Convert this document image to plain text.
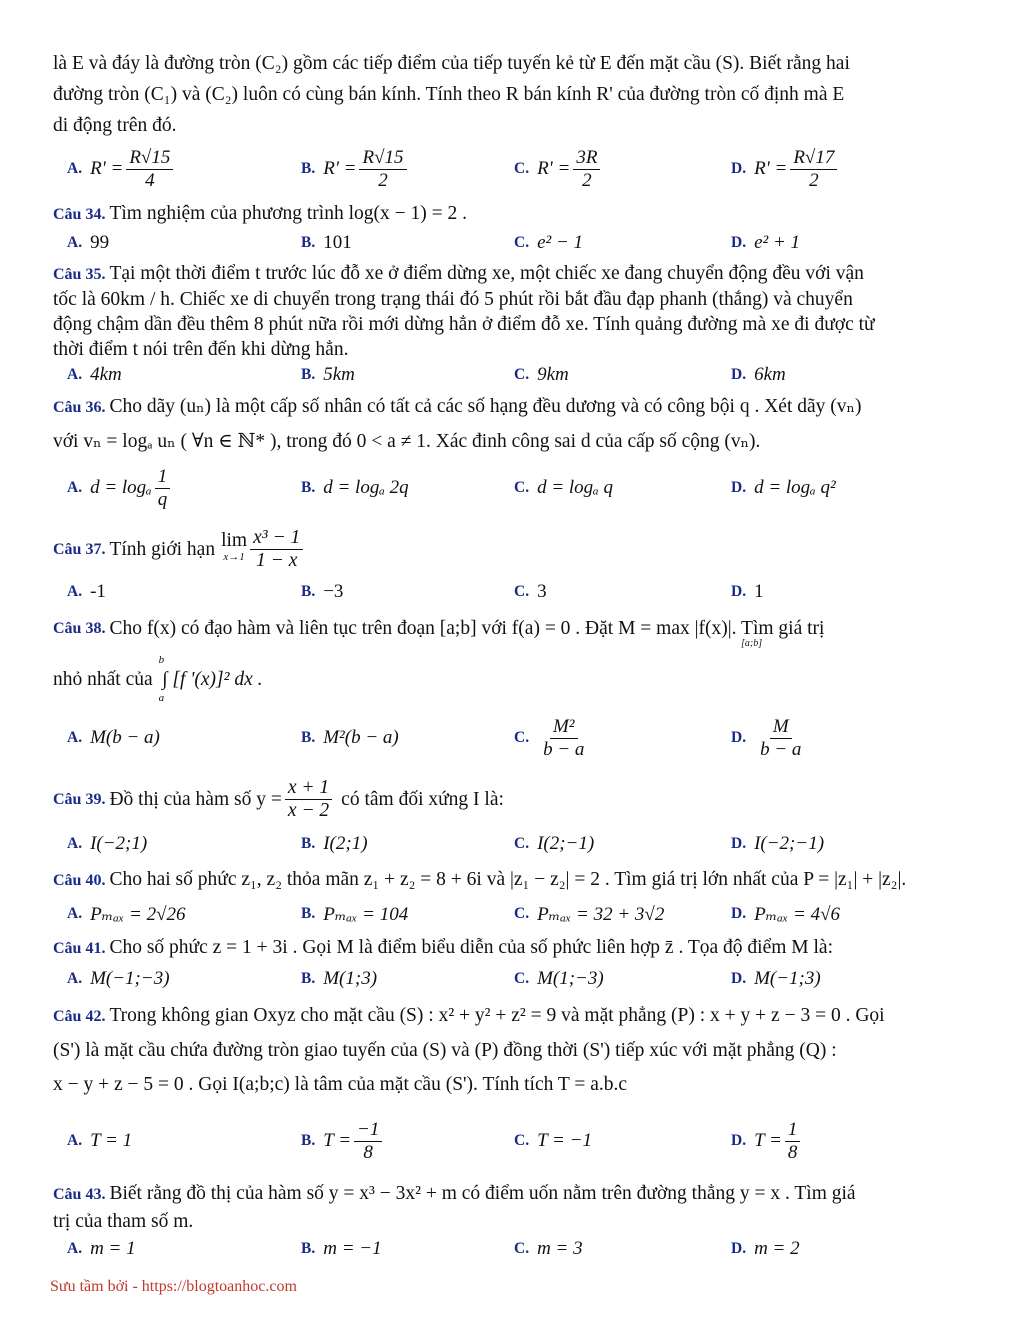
là E và đáy là đường tròn (C₂) gồm các tiếp điểm của tiếp tuyến kẻ từ E đến mặt cầu (S). Biết rằng hai

đường tròn (C₁) và (C₂) luôn có cùng bán kính. Tính theo R bán kính R' của đường tròn cố định mà E

di động trên đó.

A. $R' = \frac{R√15}{4}$	B. $R' = \frac{R√15}{2}$	C. $R' = \frac{3R}{2}$	D. $R' = \frac{R√17}{2}$
Câu 34. Tìm nghiệm của phương trình log(x − 1) = 2 .
A. 99	B. 101	C. e² − 1	D. e² + 1
Câu 35. Tại một thời điểm t trước lúc đỗ xe ở điểm dừng xe, một chiếc xe đang chuyển động đều với vận
tốc là 60km / h. Chiếc xe di chuyển trong trạng thái đó 5 phút rồi bắt đầu đạp phanh (thắng) và chuyển
động chậm dần đều thêm 8 phút nữa rồi mới dừng hẳn ở điểm đỗ xe. Tính quảng đường mà xe đi được từ
thời điểm t nói trên đến khi dừng hẳn.
A. 4km	B. 5km	C. 9km	D. 6km
Câu 36. Cho dãy (uₙ) là một cấp số nhân có tất cả các số hạng đều dương và có công bội q . Xét dãy (vₙ)
với vₙ = logₐ uₙ ( ∀n ∈ ℕ* ), trong đó 0 < a ≠ 1. Xác đinh công sai d của cấp số cộng (vₙ).
A. d = logₐ $\frac{1}{q}$	B. d = logₐ 2q	C. d = logₐ q	D. d = logₐ q²
Câu 37. Tính giới hạn lim
$x\to 1 \frac{\text{x³ − 1}}{1 - x}$
A. -1	B. −3	C. 3	D. 1
Câu 38. Cho f(x) có đạo hàm và liên tục trên đoạn [a;b] với f(a) = 0 . Đặt M = max |f(x)|. Tìm giá trị
[a;b]
nhỏ nhất của
b
a
∫ [f '(x)]² dx .
A. M(b − a)	B. M²(b − a)	C. $\frac{\text{M²}}{b - a}$	D. $\frac{M}{b - a}$
Câu 39. Đồ thị của hàm số $y = \frac{x + 1}{x - 2}$ có tâm đối xứng I là:
A. I(−2;1)	B. I(2;1)	C. I(2;−1)	D. I(−2;−1)
Câu 40. Cho hai số phức z₁, z₂ thỏa mãn z₁ + z₂ = 8 + 6i và |z₁ − z₂| = 2 . Tìm giá trị lớn nhất của P = |z₁| + |z₂|.
A. Pₘₐₓ = 2√26	B. Pₘₐₓ = 104	C. Pₘₐₓ = 32 + 3√2	D. Pₘₐₓ = 4√6
Câu 41. Cho số phức z = 1 + 3i . Gọi M là điểm biểu diễn của số phức liên hợp z̄ . Tọa độ điểm M là:
A. M(−1;−3)	B. M(1;3)	C. M(1;−3)	D. M(−1;3)
Câu 42. Trong không gian Oxyz cho mặt cầu (S) : x² + y² + z² = 9 và mặt phẳng (P) : x + y + z − 3 = 0 . Gọi
(S') là mặt cầu chứa đường tròn giao tuyến của (S) và (P) đồng thời (S') tiếp xúc với mặt phẳng (Q) :
x − y + z − 5 = 0 . Gọi I(a;b;c) là tâm của mặt cầu (S'). Tính tích T = a.b.c
A. T = 1	B. $T = \frac{-1}{8}$	C. T = −1	D. $T = \frac{1}{8}$
Câu 43. Biết rằng đồ thị của hàm số y = x³ − 3x² + m có điểm uốn nằm trên đường thẳng y = x . Tìm giá
trị của tham số m.
A. m = 1	B. m = −1	C. m = 3	D. m = 2
Sưu tầm bởi - https://blogtoanhoc.com
